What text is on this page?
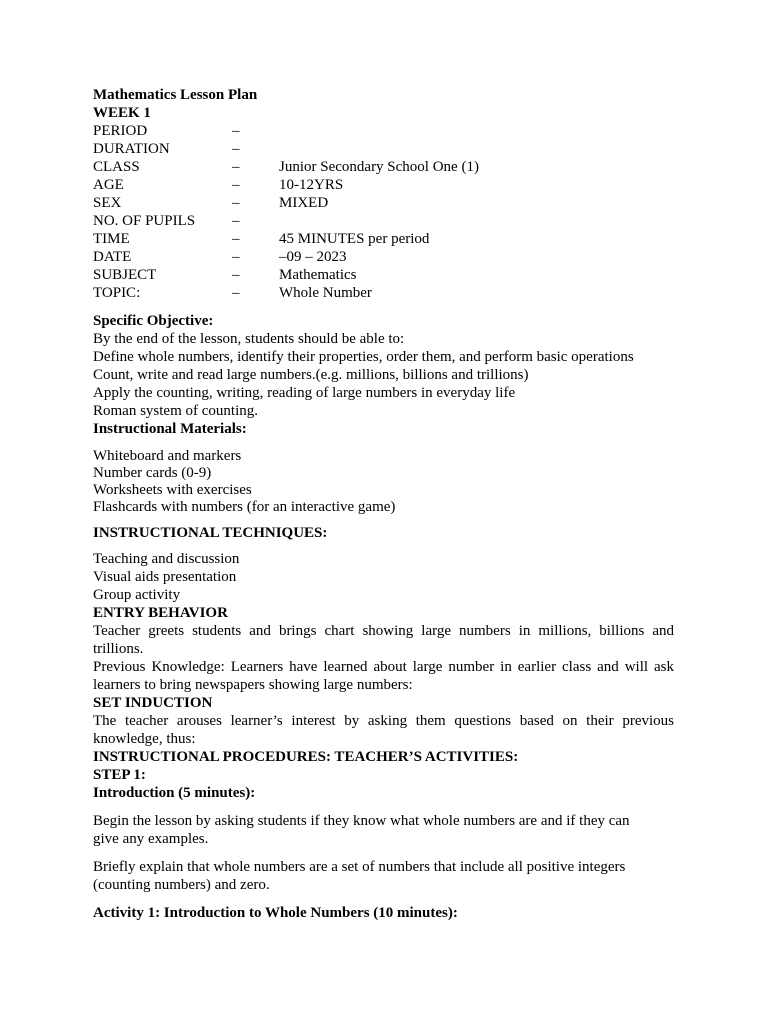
Mathematics Lesson Plan
WEEK 1
PERIOD	–
DURATION	–
CLASS	–	Junior Secondary School One (1)
AGE	–	10-12YRS
SEX	–	MIXED
NO. OF PUPILS	–
TIME	–	45 MINUTES per period
DATE	–	–09 – 2023
SUBJECT	–	Mathematics
TOPIC:	–	Whole Number
Specific Objective:
By the end of the lesson, students should be able to:
Define whole numbers, identify their properties, order them, and perform basic operations
Count, write and read large numbers.(e.g. millions, billions and trillions)
Apply the counting, writing, reading of large numbers in everyday life
Roman system of counting.
Instructional Materials:
Whiteboard and markers
Number cards (0-9)
Worksheets with exercises
Flashcards with numbers (for an interactive game)
INSTRUCTIONAL TECHNIQUES:
Teaching and discussion
Visual aids presentation
Group activity
ENTRY BEHAVIOR
Teacher greets students and brings chart showing large numbers in millions, billions and trillions.
Previous Knowledge: Learners have learned about large number in earlier class and will ask learners to bring newspapers showing large numbers:
SET INDUCTION
The teacher arouses learner’s interest by asking them questions based on their previous knowledge, thus:
INSTRUCTIONAL PROCEDURES: TEACHER’S ACTIVITIES:
STEP 1:
Introduction (5 minutes):
Begin the lesson by asking students if they know what whole numbers are and if they can give any examples.
Briefly explain that whole numbers are a set of numbers that include all positive integers (counting numbers) and zero.
Activity 1: Introduction to Whole Numbers (10 minutes):
